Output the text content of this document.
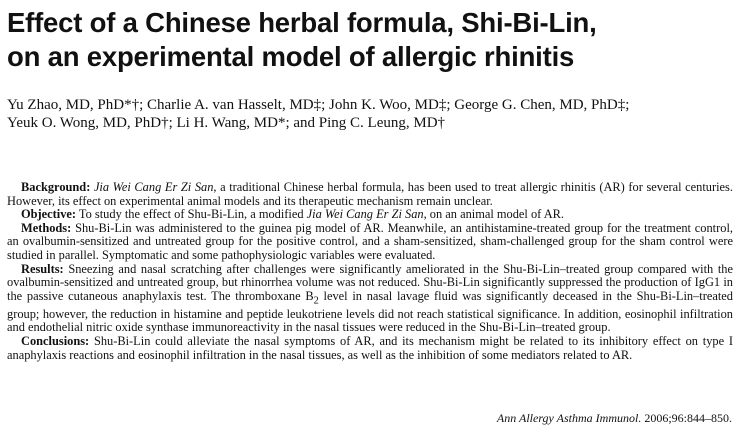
Effect of a Chinese herbal formula, Shi-Bi-Lin,
on an experimental model of allergic rhinitis
Yu Zhao, MD, PhD*†; Charlie A. van Hasselt, MD‡; John K. Woo, MD‡; George G. Chen, MD, PhD‡;
Yeuk O. Wong, MD, PhD†; Li H. Wang, MD*; and Ping C. Leung, MD†

Background: Jia Wei Cang Er Zi San, a traditional Chinese herbal formula, has been used to treat allergic rhinitis (AR) for several centuries. However, its effect on experimental animal models and its therapeutic mechanism remain unclear.

Objective: To study the effect of Shu-Bi-Lin, a modified Jia Wei Cang Er Zi San, on an animal model of AR.

Methods: Shu-Bi-Lin was administered to the guinea pig model of AR. Meanwhile, an antihistamine-treated group for the treatment control, an ovalbumin-sensitized and untreated group for the positive control, and a sham-sensitized, sham-challenged group for the sham control were studied in parallel. Symptomatic and some pathophysiologic variables were evaluated.

Results: Sneezing and nasal scratching after challenges were significantly ameliorated in the Shu-Bi-Lin–treated group compared with the ovalbumin-sensitized and untreated group, but rhinorrhea volume was not reduced. Shu-Bi-Lin significantly suppressed the production of IgG1 in the passive cutaneous anaphylaxis test. The thromboxane $B_2$ level in nasal lavage fluid was significantly deceased in the Shu-Bi-Lin–treated group; however, the reduction in histamine and peptide leukotriene levels did not reach statistical significance. In addition, eosinophil infiltration and endothelial nitric oxide synthase immunoreactivity in the nasal tissues were reduced in the Shu-Bi-Lin–treated group.

Conclusions: Shu-Bi-Lin could alleviate the nasal symptoms of AR, and its mechanism might be related to its inhibitory effect on type I anaphylaxis reactions and eosinophil infiltration in the nasal tissues, as well as the inhibition of some mediators related to AR.

Ann Allergy Asthma Immunol. 2006;96:844–850.
